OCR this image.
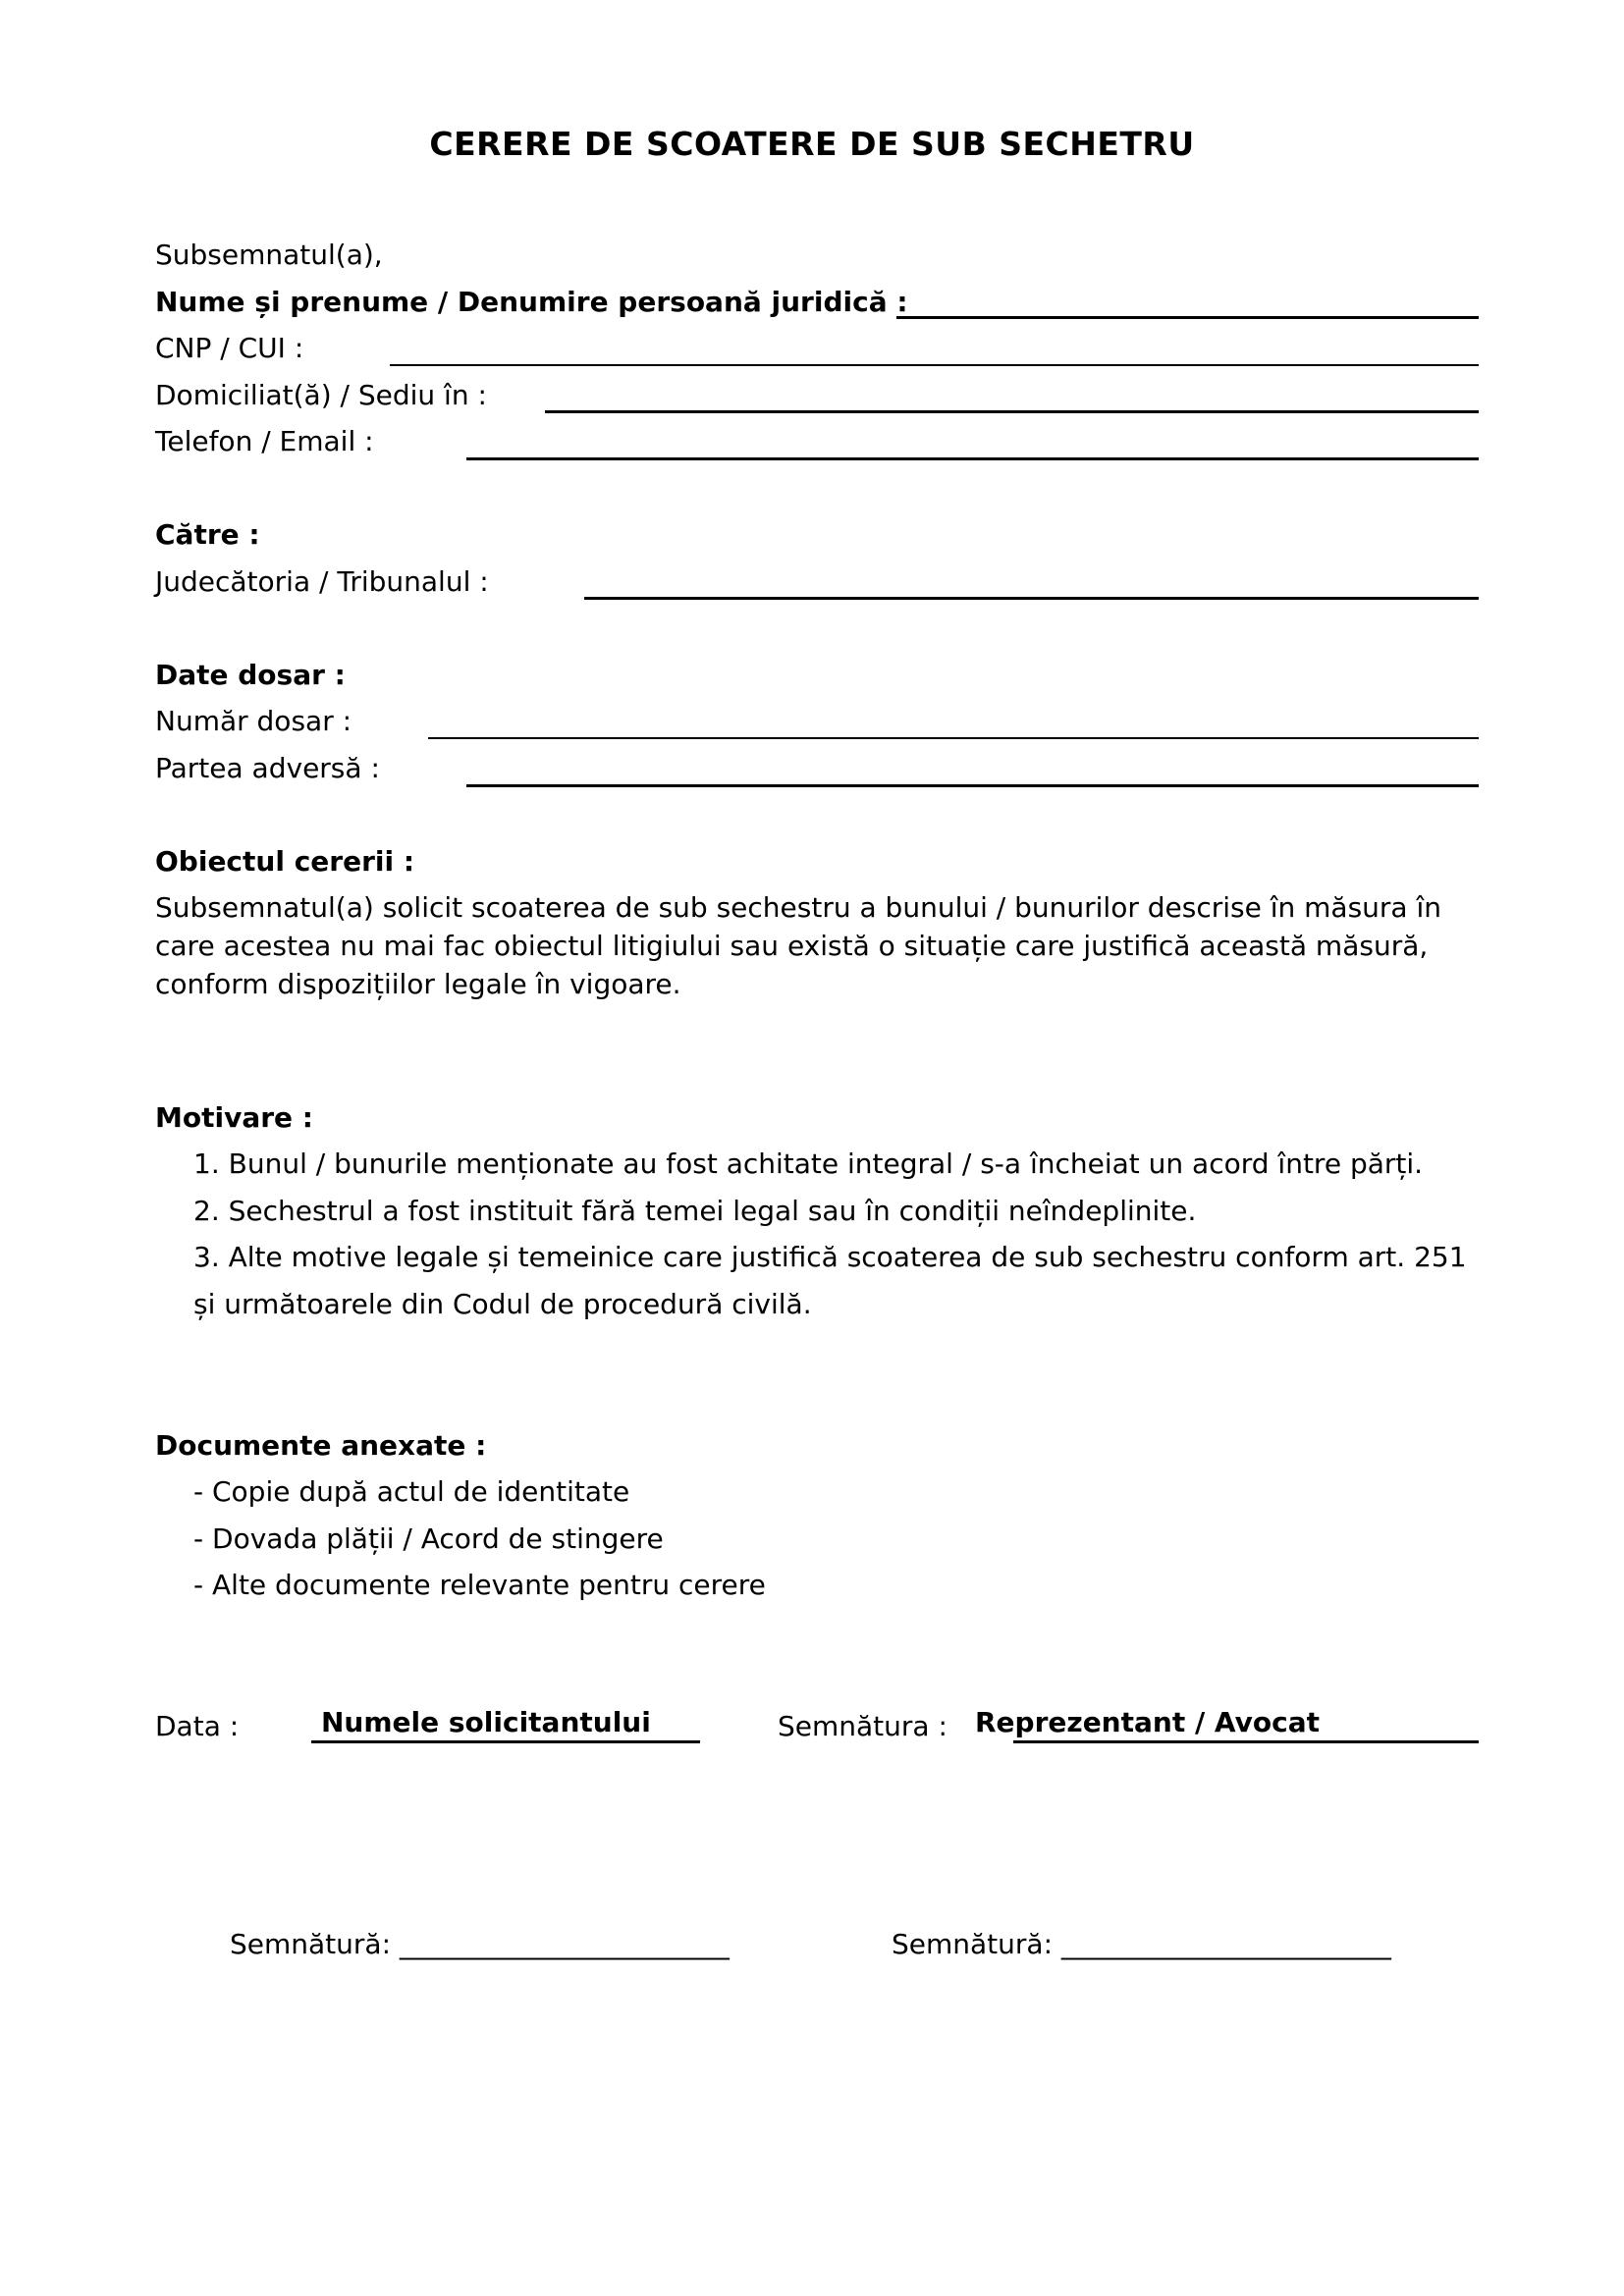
CERERE DE SCOATERE DE SUB SECHETRU
Subsemnatul(a),
Nume și prenume / Denumire persoană juridică :
CNP / CUI :
Domiciliat(ă) / Sediu în :
Telefon / Email :
Către :
Judecătoria / Tribunalul :
Date dosar :
Număr dosar :
Partea adversă :
Obiectul cererii :
Subsemnatul(a) solicit scoaterea de sub sechestru a bunului / bunurilor descrise în măsura în care acestea nu mai fac obiectul litigiului sau există o situație care justifică această măsură, conform dispozițiilor legale în vigoare.
Motivare :
1. Bunul / bunurile menționate au fost achitate integral / s-a încheiat un acord între părți.
2. Sechestrul a fost instituit fără temei legal sau în condiții neîndeplinite.
3. Alte motive legale și temeinice care justifică scoaterea de sub sechestru conform art. 251
și următoarele din Codul de procedură civilă.
Documente anexate :
- Copie după actul de identitate
- Dovada plății / Acord de stingere
- Alte documente relevante pentru cerere
Data :	Numele solicitantului	Semnătura : Reprezentant / Avocat
Semnătură: ________________________	Semnătură: ________________________
